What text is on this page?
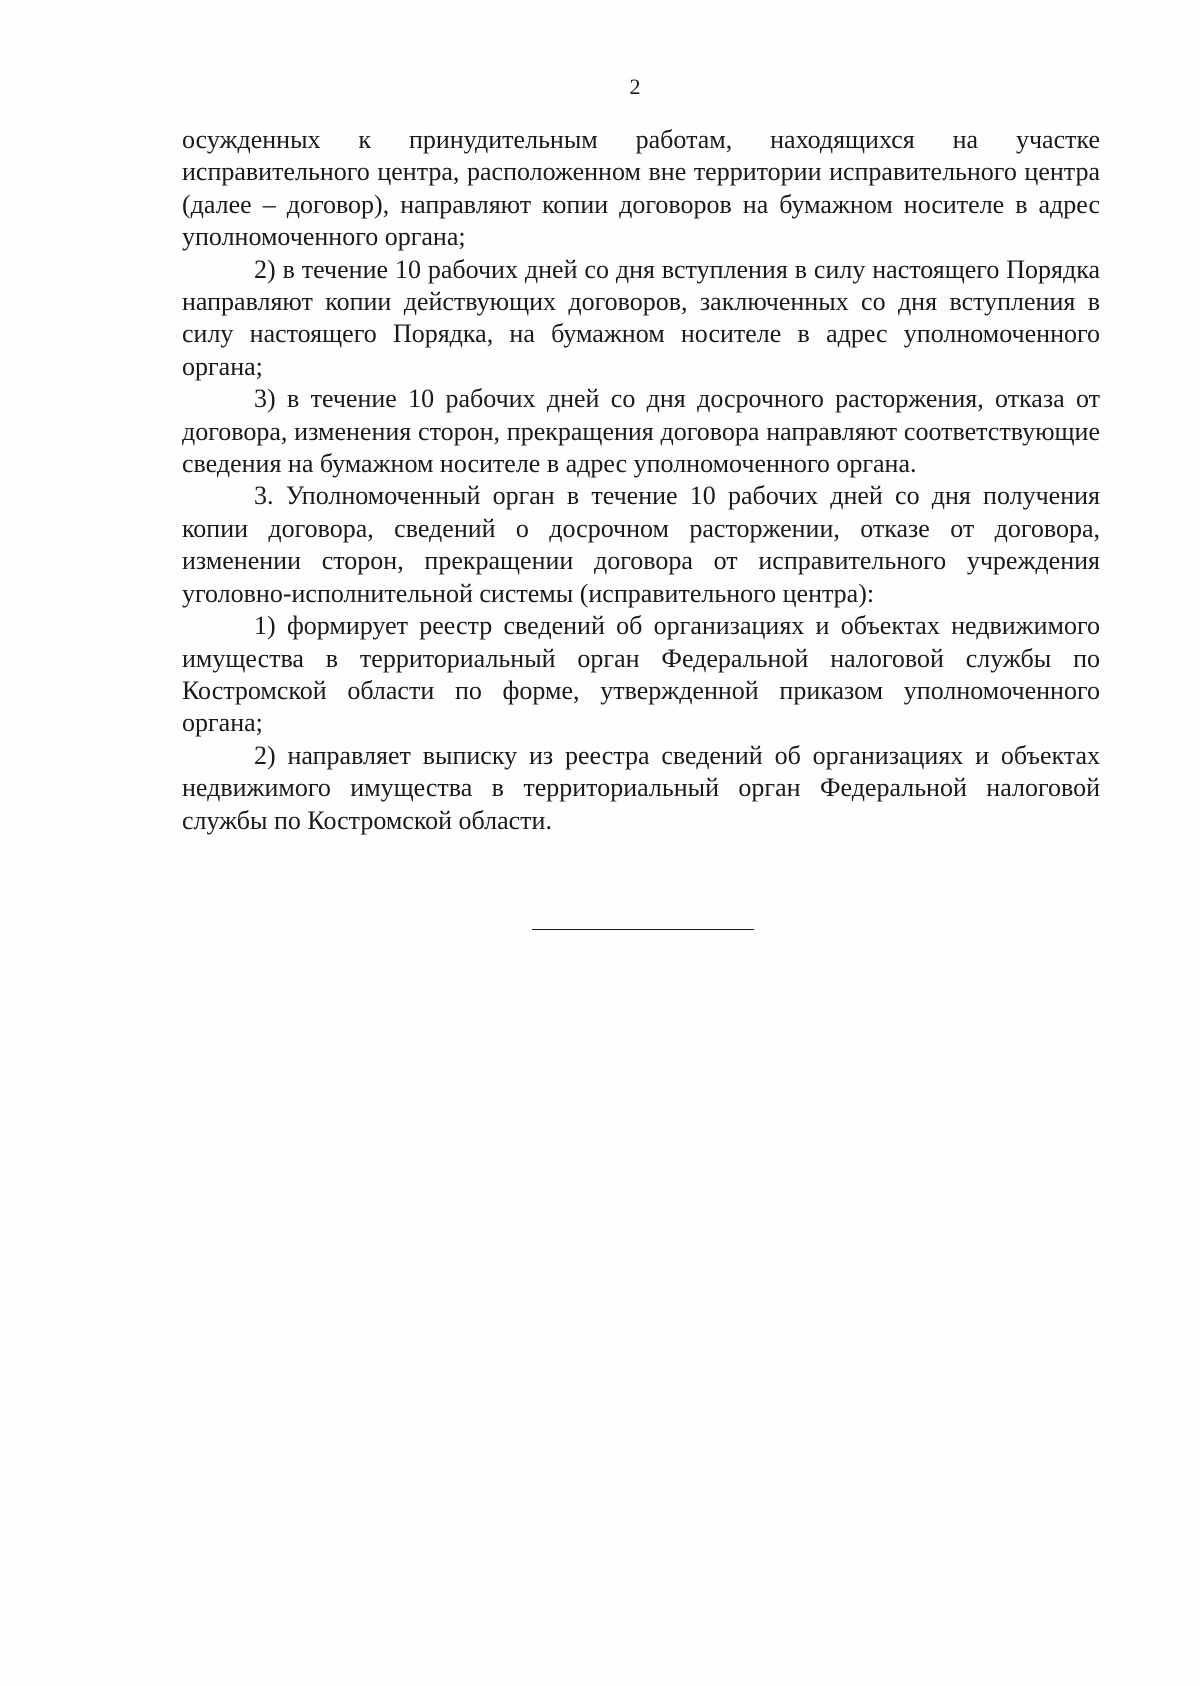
2

осужденных к принудительным работам, находящихся на участке исправительного центра, расположенном вне территории исправительного центра (далее – договор), направляют копии договоров на бумажном носителе в адрес уполномоченного органа;

2) в течение 10 рабочих дней со дня вступления в силу настоящего Порядка направляют копии действующих договоров, заключенных со дня вступления в силу настоящего Порядка, на бумажном носителе в адрес уполномоченного органа;

3) в течение 10 рабочих дней со дня досрочного расторжения, отказа от договора, изменения сторон, прекращения договора направляют соответствующие сведения на бумажном носителе в адрес уполномоченного органа.

3. Уполномоченный орган в течение 10 рабочих дней со дня получения копии договора, сведений о досрочном расторжении, отказе от договора, изменении сторон, прекращении договора от исправительного учреждения уголовно-исполнительной системы (исправительного центра):

1) формирует реестр сведений об организациях и объектах недвижимого имущества в территориальный орган Федеральной налоговой службы по Костромской области по форме, утвержденной приказом уполномоченного органа;

2) направляет выписку из реестра сведений об организациях и объектах недвижимого имущества в территориальный орган Федеральной налоговой службы по Костромской области.
